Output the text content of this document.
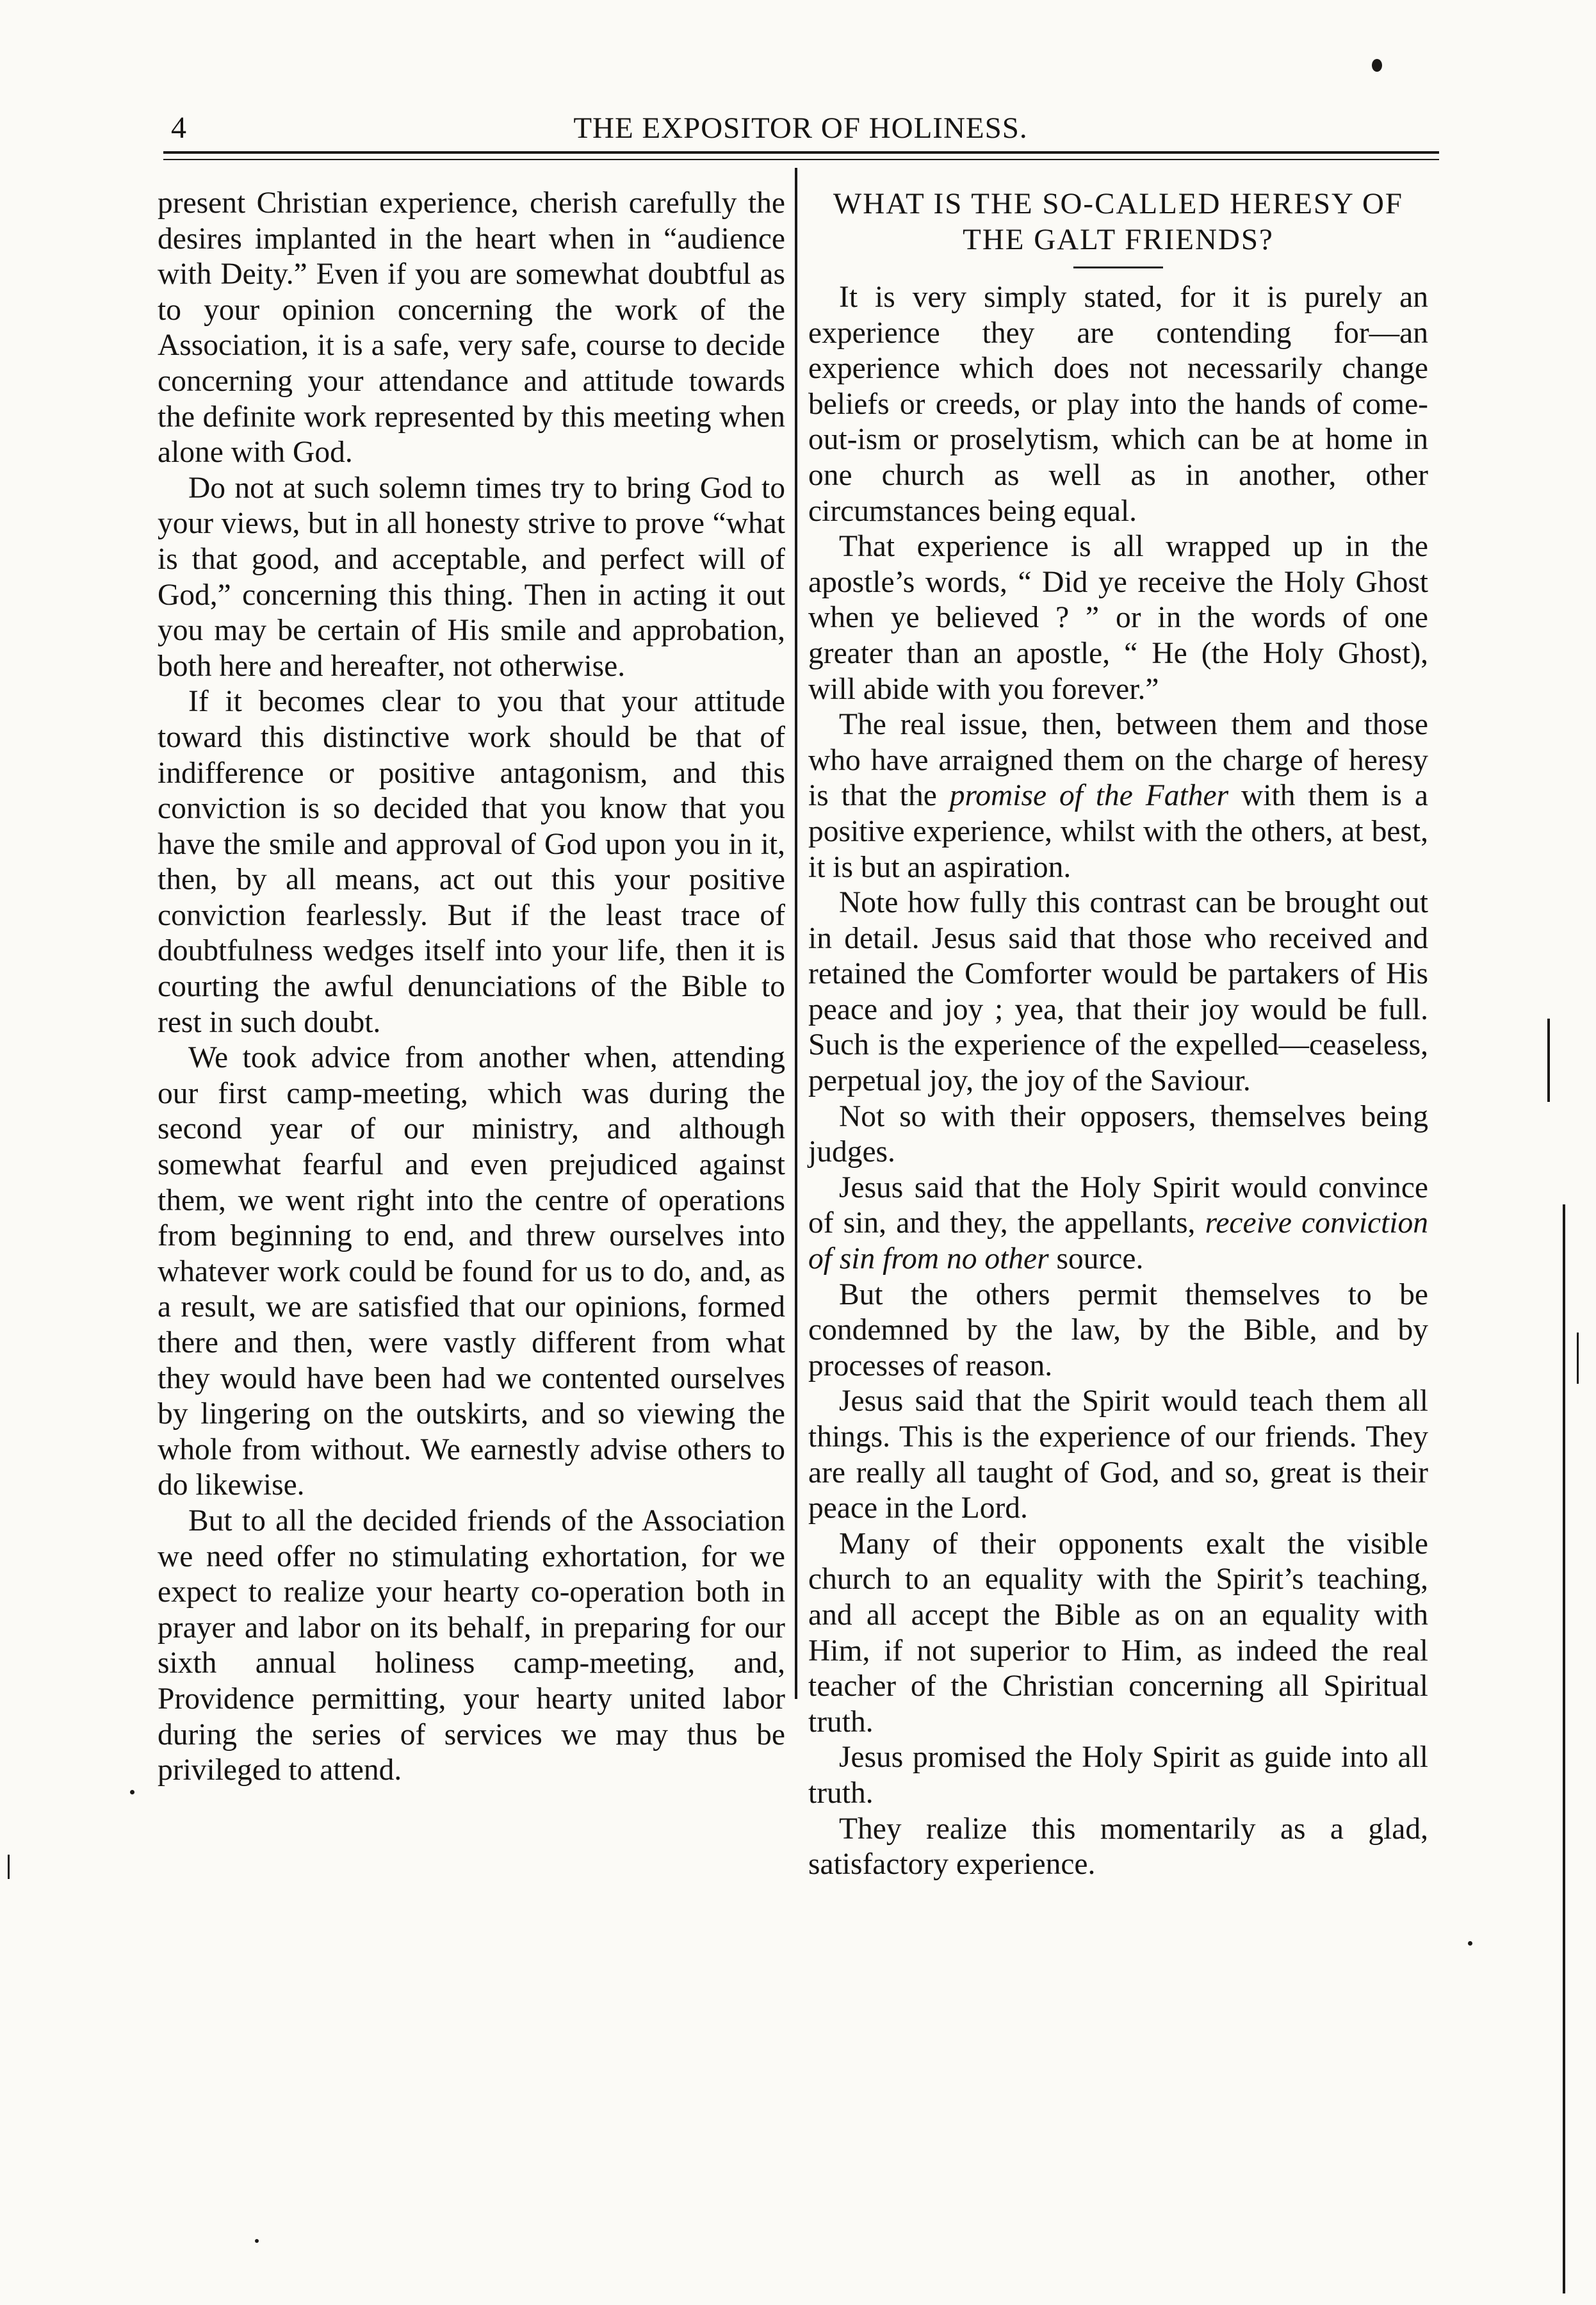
4	THE EXPOSITOR OF HOLINESS.

present Christian experience, cherish carefully the desires implanted in the heart when in “audience with Deity.” Even if you are somewhat doubtful as to your opinion concerning the work of the Association, it is a safe, very safe, course to decide concerning your attendance and attitude towards the definite work represented by this meeting when alone with God.

Do not at such solemn times try to bring God to your views, but in all honesty strive to prove “what is that good, and acceptable, and perfect will of God,” concerning this thing. Then in acting it out you may be certain of His smile and approbation, both here and hereafter, not otherwise.

If it becomes clear to you that your attitude toward this distinctive work should be that of indifference or positive antagonism, and this conviction is so decided that you know that you have the smile and approval of God upon you in it, then, by all means, act out this your positive conviction fearlessly. But if the least trace of doubtfulness wedges itself into your life, then it is courting the awful denunciations of the Bible to rest in such doubt.

We took advice from another when, attending our first camp-meeting, which was during the second year of our ministry, and although somewhat fearful and even prejudiced against them, we went right into the centre of operations from beginning to end, and threw ourselves into whatever work could be found for us to do, and, as a result, we are satisfied that our opinions, formed there and then, were vastly different from what they would have been had we contented ourselves by lingering on the outskirts, and so viewing the whole from without. We earnestly advise others to do likewise.

But to all the decided friends of the Association we need offer no stimulating exhortation, for we expect to realize your hearty co-operation both in prayer and labor on its behalf, in preparing for our sixth annual holiness camp-meeting, and, Providence permitting, your hearty united labor during the series of services we may thus be privileged to attend.

WHAT IS THE SO-CALLED HERESY OF THE GALT FRIENDS?

It is very simply stated, for it is purely an experience they are contending for—an experience which does not necessarily change beliefs or creeds, or play into the hands of come-out-ism or proselytism, which can be at home in one church as well as in another, other circumstances being equal.

That experience is all wrapped up in the apostle’s words, “ Did ye receive the Holy Ghost when ye believed ? ” or in the words of one greater than an apostle, “ He (the Holy Ghost), will abide with you forever.”

The real issue, then, between them and those who have arraigned them on the charge of heresy is that the promise of the Father with them is a positive experience, whilst with the others, at best, it is but an aspiration.

Note how fully this contrast can be brought out in detail. Jesus said that those who received and retained the Comforter would be partakers of His peace and joy ; yea, that their joy would be full. Such is the experience of the expelled—ceaseless, perpetual joy, the joy of the Saviour.

Not so with their opposers, themselves being judges.

Jesus said that the Holy Spirit would convince of sin, and they, the appellants, receive conviction of sin from no other source.

But the others permit themselves to be condemned by the law, by the Bible, and by processes of reason.

Jesus said that the Spirit would teach them all things. This is the experience of our friends. They are really all taught of God, and so, great is their peace in the Lord.

Many of their opponents exalt the visible church to an equality with the Spirit’s teaching, and all accept the Bible as on an equality with Him, if not superior to Him, as indeed the real teacher of the Christian concerning all Spiritual truth.

Jesus promised the Holy Spirit as guide into all truth.

They realize this momentarily as a glad, satisfactory experience.
